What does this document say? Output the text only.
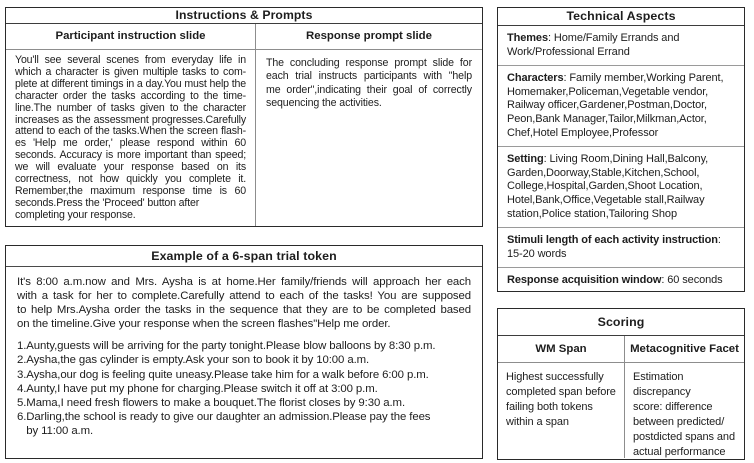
Instructions & Prompts
Participant instruction slide
You'll see several scenes from everyday life in
which a character is given multiple tasks to com-
plete at different timings in a day.You must help the
character order the tasks according to the time-
line.The number of tasks given to the character
increases as the assessment progresses.Carefully
attend to each of the tasks.When the screen flash-
es 'Help me order,' please respond within 60
seconds. Accuracy is more important than speed;
we will evaluate your response based on its
correctness, not how quickly you complete it.
Remember,the maximum response time is 60
seconds.Press the 'Proceed' button after
completing your response.
Response prompt slide
The concluding response prompt slide for
each trial instructs participants with "help
me order",indicating their goal of correctly
sequencing the activities.
Example of a 6-span trial token
It's 8:00 a.m.now and Mrs. Aysha is at home.Her family/friends will approach her each
with a task for her to complete.Carefully attend to each of the tasks! You are supposed
to help Mrs.Aysha order the tasks in the sequence that they are to be completed based
on the timeline.Give your response when the screen flashes"Help me order.
1.Aunty,guests will be arriving for the party tonight.Please blow balloons by 8:30 p.m.
2.Aysha,the gas cylinder is empty.Ask your son to book it by 10:00 a.m.
3.Aysha,our dog is feeling quite uneasy.Please take him for a walk before 6:00 p.m.
4.Aunty,I have put my phone for charging.Please switch it off at 3:00 p.m.
5.Mama,I need fresh flowers to make a bouquet.The florist closes by 9:30 a.m.
6.Darling,the school is ready to give our daughter an admission.Please pay the fees
by 11:00 a.m.
Technical Aspects
Themes: Home/Family Errands and
Work/Professional Errand
Characters: Family member,Working Parent,
Homemaker,Policeman,Vegetable vendor,
Railway officer,Gardener,Postman,Doctor,
Peon,Bank Manager,Tailor,Milkman,Actor,
Chef,Hotel Employee,Professor
Setting: Living Room,Dining Hall,Balcony,
Garden,Doorway,Stable,Kitchen,School,
College,Hospital,Garden,Shoot Location,
Hotel,Bank,Office,Vegetable stall,Railway
station,Police station,Tailoring Shop
Stimuli length of each activity instruction:
15-20 words
Response acquisition window: 60 seconds
Scoring
WM Span
Highest successfully
completed span before
failing both tokens
within a span
Metacognitive Facet
Estimation discrepancy
score: difference
between predicted/
postdicted spans and
actual performance
